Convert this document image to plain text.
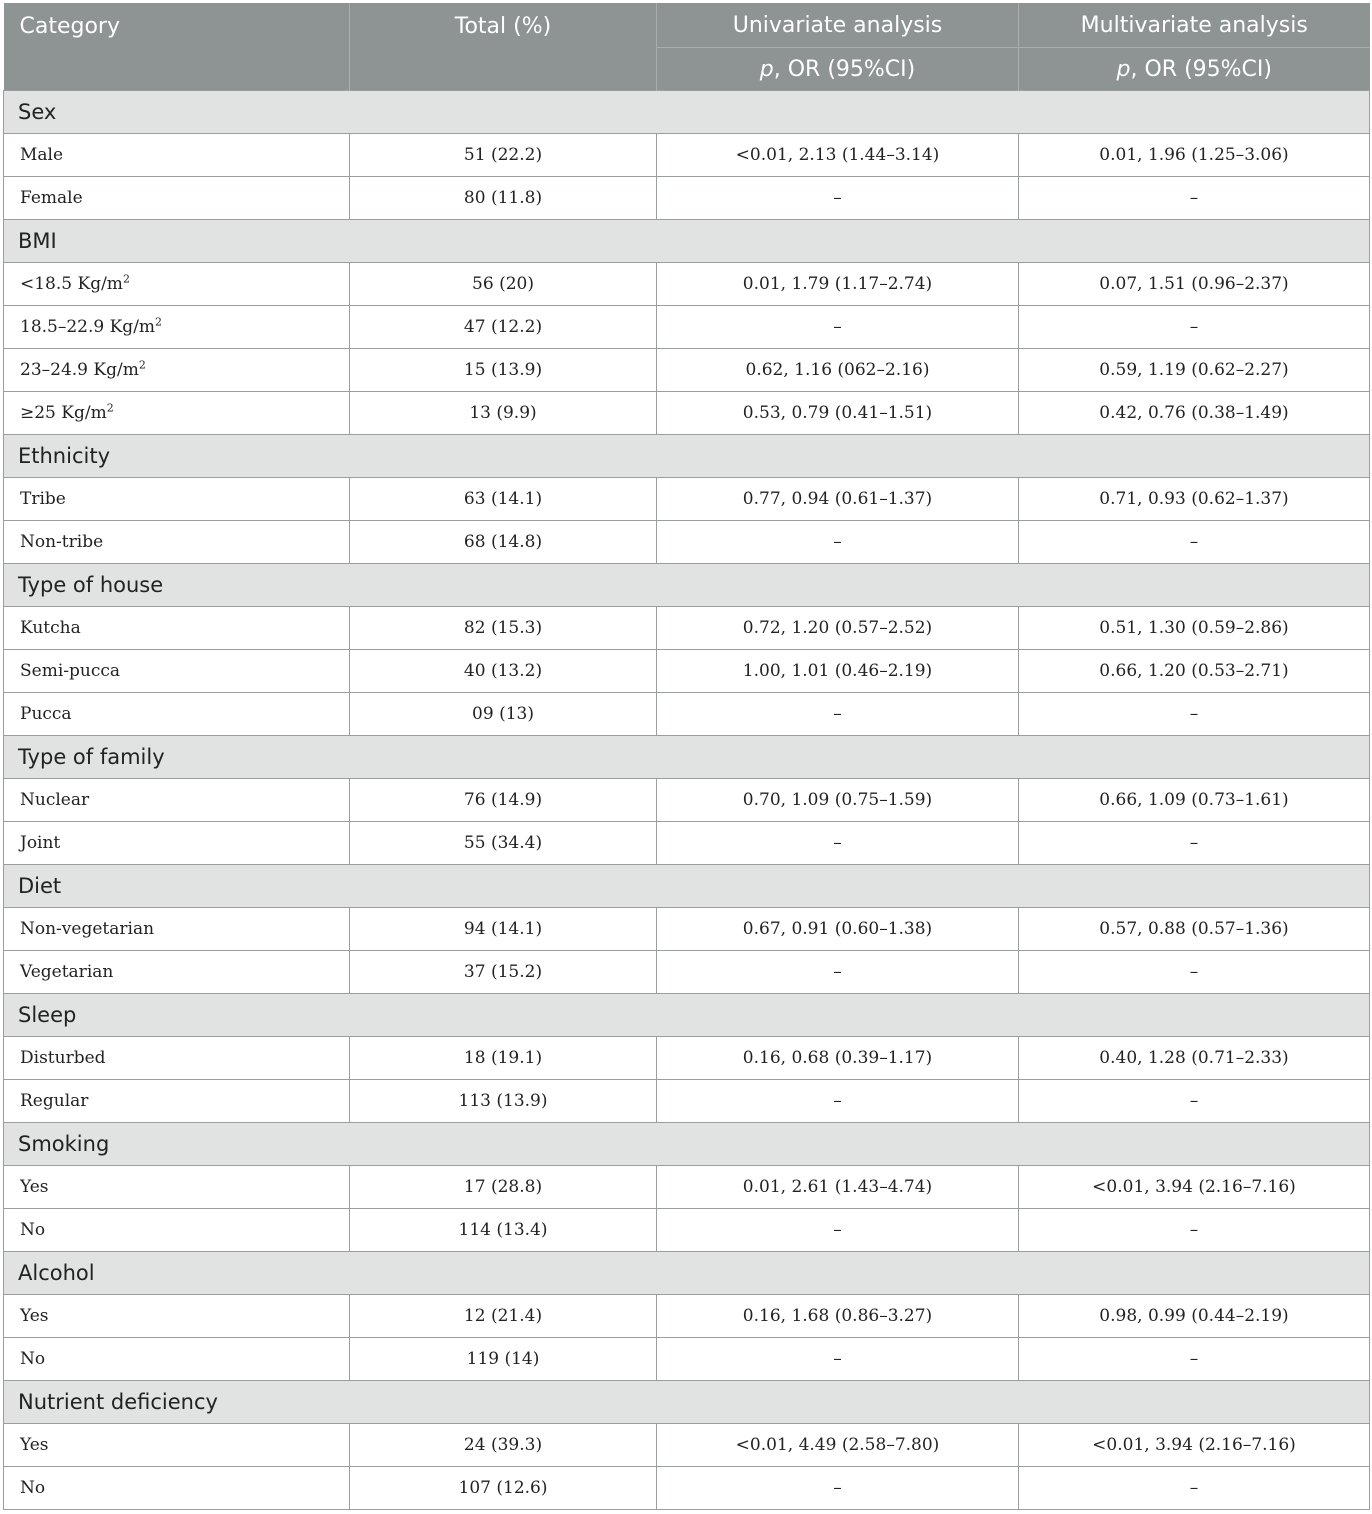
Category	Total (%)	Univariate analysis	Multivariate analysis
		p, OR (95%CI)	p, OR (95%CI)
Sex			
Male	51 (22.2)	<0.01, 2.13 (1.44–3.14)	0.01, 1.96 (1.25–3.06)
Female	80 (11.8)	–	–
BMI			
<18.5 $Kg/m^2$	56 (20)	0.01, 1.79 (1.17–2.74)	0.07, 1.51 (0.96–2.37)
18.5–22.9 $Kg/m^2$	47 (12.2)	–	–
23–24.9 $Kg/m^2$	15 (13.9)	0.62, 1.16 (062–2.16)	0.59, 1.19 (0.62–2.27)
≥25 $Kg/m^2$	13 (9.9)	0.53, 0.79 (0.41–1.51)	0.42, 0.76 (0.38–1.49)
Ethnicity			
Tribe	63 (14.1)	0.77, 0.94 (0.61–1.37)	0.71, 0.93 (0.62–1.37)
Non-tribe	68 (14.8)	–	–
Type of house			
Kutcha	82 (15.3)	0.72, 1.20 (0.57–2.52)	0.51, 1.30 (0.59–2.86)
Semi-pucca	40 (13.2)	1.00, 1.01 (0.46–2.19)	0.66, 1.20 (0.53–2.71)
Pucca	09 (13)	–	–
Type of family			
Nuclear	76 (14.9)	0.70, 1.09 (0.75–1.59)	0.66, 1.09 (0.73–1.61)
Joint	55 (34.4)	–	–
Diet			
Non-vegetarian	94 (14.1)	0.67, 0.91 (0.60–1.38)	0.57, 0.88 (0.57–1.36)
Vegetarian	37 (15.2)	–	–
Sleep			
Disturbed	18 (19.1)	0.16, 0.68 (0.39–1.17)	0.40, 1.28 (0.71–2.33)
Regular	113 (13.9)	–	–
Smoking			
Yes	17 (28.8)	0.01, 2.61 (1.43–4.74)	<0.01, 3.94 (2.16–7.16)
No	114 (13.4)	–	–
Alcohol			
Yes	12 (21.4)	0.16, 1.68 (0.86–3.27)	0.98, 0.99 (0.44–2.19)
No	119 (14)	–	–
Nutrient deficiency			
Yes	24 (39.3)	<0.01, 4.49 (2.58–7.80)	<0.01, 3.94 (2.16–7.16)
No	107 (12.6)	–	–
